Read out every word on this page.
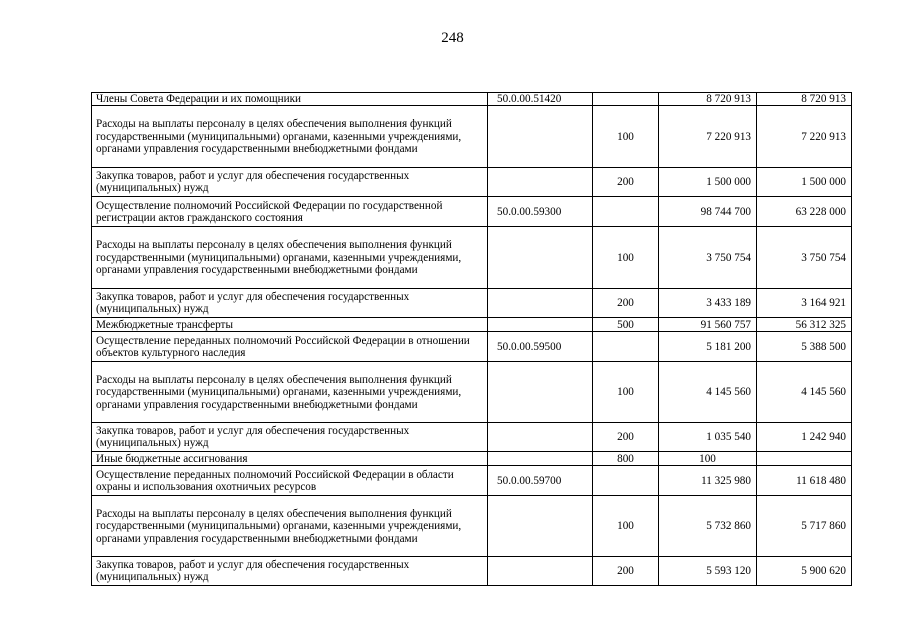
248
Члены Совета Федерации и их помощники	50.0.00.51420		8 720 913	8 720 913
Расходы на выплаты персоналу в целях обеспечения выполнения функций государственными (муниципальными) органами, казенными учреждениями, органами управления государственными внебюджетными фондами		100	7 220 913	7 220 913
Закупка товаров, работ и услуг для обеспечения государственных (муниципальных) нужд		200	1 500 000	1 500 000
Осуществление полномочий Российской Федерации по государственной регистрации актов гражданского состояния	50.0.00.59300		98 744 700	63 228 000
Расходы на выплаты персоналу в целях обеспечения выполнения функций государственными (муниципальными) органами, казенными учреждениями, органами управления государственными внебюджетными фондами		100	3 750 754	3 750 754
Закупка товаров, работ и услуг для обеспечения государственных (муниципальных) нужд		200	3 433 189	3 164 921
Межбюджетные трансферты		500	91 560 757	56 312 325
Осуществление переданных полномочий Российской Федерации в отношении объектов культурного наследия	50.0.00.59500		5 181 200	5 388 500
Расходы на выплаты персоналу в целях обеспечения выполнения функций государственными (муниципальными) органами, казенными учреждениями, органами управления государственными внебюджетными фондами		100	4 145 560	4 145 560
Закупка товаров, работ и услуг для обеспечения государственных (муниципальных) нужд		200	1 035 540	1 242 940
Иные бюджетные ассигнования		800	100	
Осуществление переданных полномочий Российской Федерации в области охраны и использования охотничьих ресурсов	50.0.00.59700		11 325 980	11 618 480
Расходы на выплаты персоналу в целях обеспечения выполнения функций государственными (муниципальными) органами, казенными учреждениями, органами управления государственными внебюджетными фондами		100	5 732 860	5 717 860
Закупка товаров, работ и услуг для обеспечения государственных (муниципальных) нужд		200	5 593 120	5 900 620
